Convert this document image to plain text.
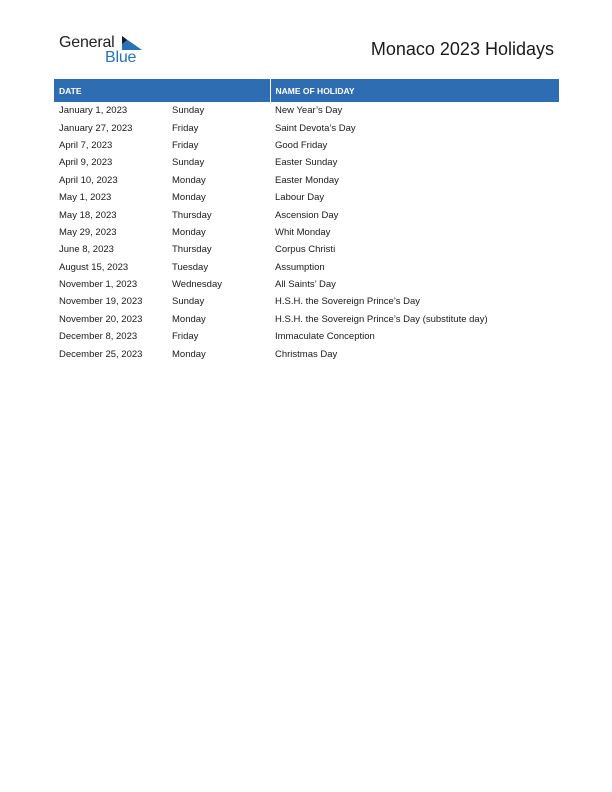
General
Blue	Monaco 2023 Holidays
DATE		NAME OF HOLIDAY
January 1, 2023	Sunday	New Year’s Day
January 27, 2023	Friday	Saint Devota’s Day
April 7, 2023	Friday	Good Friday
April 9, 2023	Sunday	Easter Sunday
April 10, 2023	Monday	Easter Monday
May 1, 2023	Monday	Labour Day
May 18, 2023	Thursday	Ascension Day
May 29, 2023	Monday	Whit Monday
June 8, 2023	Thursday	Corpus Christi
August 15, 2023	Tuesday	Assumption
November 1, 2023	Wednesday	All Saints’ Day
November 19, 2023	Sunday	H.S.H. the Sovereign Prince’s Day
November 20, 2023	Monday	H.S.H. the Sovereign Prince’s Day (substitute day)
December 8, 2023	Friday	Immaculate Conception
December 25, 2023	Monday	Christmas Day
